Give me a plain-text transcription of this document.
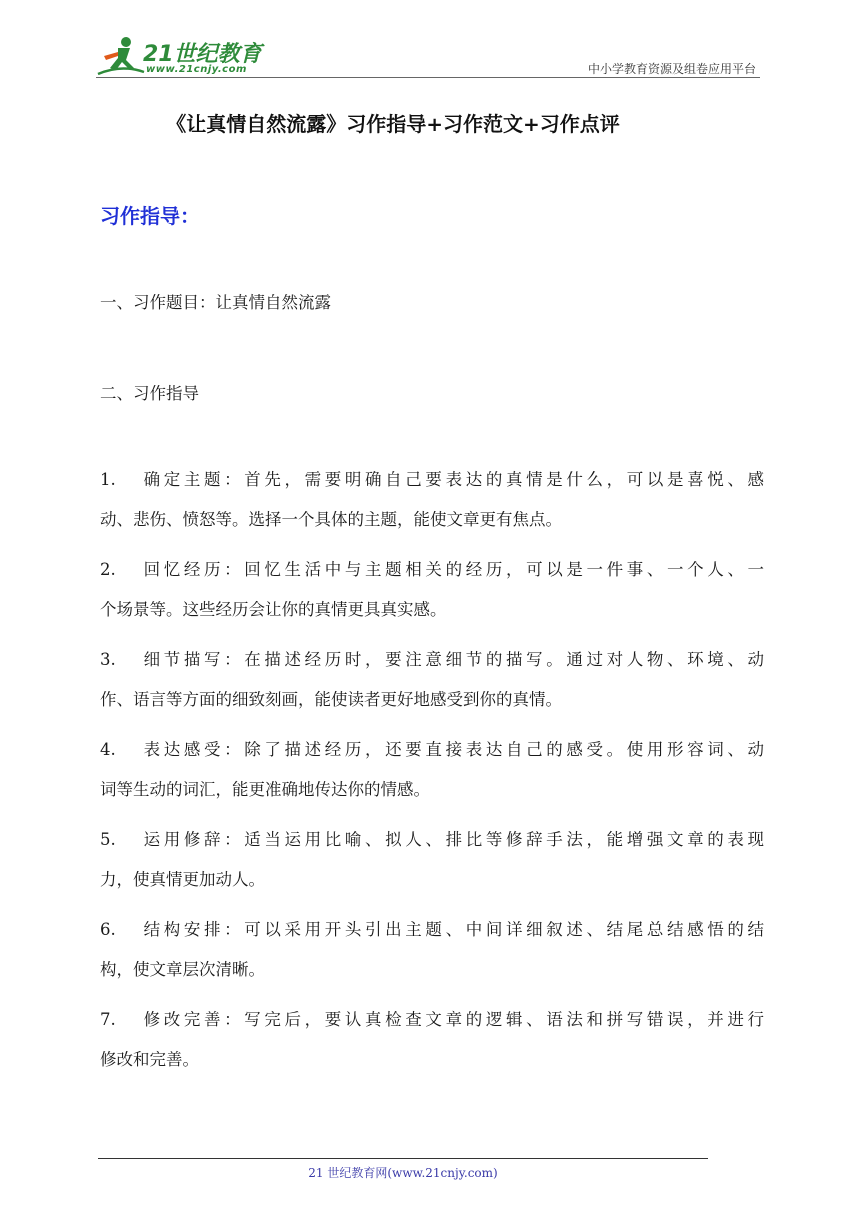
21世纪教育
www.21cnjy.com	中小学教育资源及组卷应用平台
《让真情自然流露》习作指导+习作范文+习作点评
习作指导：
一、习作题目：让真情自然流露
二、习作指导
1. 确定主题：首先，需要明确自己要表达的真情是什么，可以是喜悦、感
动、悲伤、愤怒等。选择一个具体的主题，能使文章更有焦点。
2. 回忆经历：回忆生活中与主题相关的经历，可以是一件事、一个人、一
个场景等。这些经历会让你的真情更具真实感。
3. 细节描写：在描述经历时，要注意细节的描写。通过对人物、环境、动
作、语言等方面的细致刻画，能使读者更好地感受到你的真情。
4. 表达感受：除了描述经历，还要直接表达自己的感受。使用形容词、动
词等生动的词汇，能更准确地传达你的情感。
5. 运用修辞：适当运用比喻、拟人、排比等修辞手法，能增强文章的表现
力，使真情更加动人。
6. 结构安排：可以采用开头引出主题、中间详细叙述、结尾总结感悟的结
构，使文章层次清晰。
7. 修改完善：写完后，要认真检查文章的逻辑、语法和拼写错误，并进行
修改和完善。
21 世纪教育网(www.21cnjy.com)
